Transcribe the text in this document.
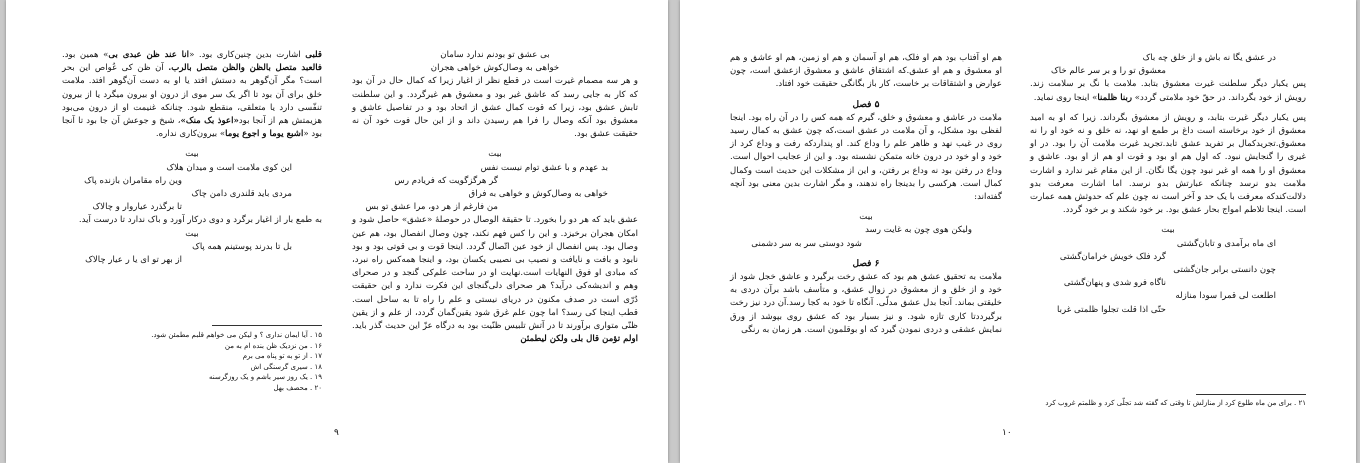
بی عشق تو بودنم ندارد سامان

خواهی به وصال‌کوش خواهی هجران

و هر سه مصمام غیرت است در قطع نظر از اغیار زیرا که کمال حال در آن بود که کار به جایی رسد که عاشق غیر بود و معشوق هم غیرگردد. و این سلطنت تابش عشق بود، زیرا که قوت کمال عشق از اتحاد بود و در تفاصیل عاشق و معشوق بود آنکه وصال را فرا هم رسیدن داند و از این حال فوت خود آن نه حقیقت عشق بود.

بیت

بد عهدم و با عشق تو‌ام نیست نفس

گر هرگزگویت که فریادم رس

خواهی به وصال‌کوش و خواهی به فراق

من فارغم از هر دو، مرا عشق تو بس

عشق باید که هر دو را بخورد. تا حقیقة الوصال در حوصلهٔ «عشق» حاصل شود و امکان هجران برخیزد. و این را کس فهم نکند، چون وصال انفصال بود، هم عین وصال بود. پس انفصال از خود عین اتّصال گردد. اینجا قوت و بی قوتی بود و بود نابود و بافت و نایافت و نصیب بی نصیبی یکسان بود، و اینجا همه‌کس راه نبرد، که مبادی او فوق النهایات است.نهایت او در ساحت علم‌کی گنجد و در صحرای وهم و اندیشه‌کی درآید؟ هر صحرای دلی‌گنجای این فکرت ندارد و این حقیقت دُرّی است در صدف مکنون در دریای نیستی و علم را راه تا به ساحل است. قطب اینجا کی رسد؟ اما چون علم غرق شود یقین‌گمان گردد، از علم و از یقین ظنّی متواری برآورند تا در آتش تلبیس ظنّیت بود به درگاه عزّ این حدیث گذر باید. اولم تؤمن قال بلی ولکن لیطمئن

قلبی اشارت بدین چنین‌کاری بود. «انا عند ظن عبدی بی» همین بود. فالعبد متصل بالظن والظن متصل بالرب. آن ظن کی عُواص این بحر است؟ مگر آن‌گوهر به دستش افتد یا او به دست آن‌گوهر افتد. ملامت خلق برای آن بود تا اگر یک سر موی از درون او بیرون میگرد یا از بیرون تنفّسی دارد یا متعلقی، منقطع شود. چنانکه غنیمت او از درون می‌بود هزیمتش هم از آنجا بود«اعوذ بک منک»، شیخ و جوعش آن جا بود تا آنجا بود «اشبع یوما و اجوع یوما» بیرون‌کاری نداره.

بیت

این کوی ملامت است و میدان هلاک

وین راه مقامران بازنده پاک

مردی باید قلندری دامن چاک

تا برگذرد عیاروار و چالاک

به طمع بار از اغیار برگرد و دوی درکار آورد و باک ندارد تا درست آید.

بیت

بل تا بدرند پوستینم همه پاک

از بهر تو ای یا ر عیار چالاک

۱۵ . آیا ایمان نداری ؟ و لیکن می خواهم قلبم مطمئن شود.

۱۶ . من نزدیک ظن بنده ام به من

۱۷ . از تو به تو پناه می برم

۱۸ . سیری گرسنگی اش

۱۹ . یک روز سیر باشم و یک روزگرسنه

۲۰ . محصف بهل

۹

در عشق یگا نه باش و از خلق چه باک

معشوق تو را و بر سر عالم خاک

پس یکبار دیگر سلطنت غیرت معشوق بتابد. ملامت با نگ بر سلامت زند. رویش از خود بگرداند. در حقّ خود ملامتی گردد» ربنا ظلمنا» اینجا روی نماید.

پس یکبار دیگر غیرت بتابد، و رویش از معشوق بگرداند. زیرا که او به امید معشوق از خود برخاسته است داغ بر طمع او نهد، نه خلق و نه خود او را نه معشوق.تجرید‌کمال بر تفرید عشق تابد.تجرید غیرت ملامت آن را بود. در او غیری را گنجایش نبود. که اول هم او بود و قوت او هم از او بود. عاشق و معشوق او را همه او غیر نبود چون یگا نگان. از این مقام غیر ندارد و اشارت ملامت بدو نرسد چنانکه عبارتش بدو نرسد. اما اشارت معرفت بدو دلالت‌کندکه معرفت با یک حد و آخر است نه چون علم که حدوثش همه عمارت است. اینجا تلاطم امواج بحار عشق بود. بر خود شکند و بر خود گردد.

بیت

ای ماه برآمدی و تابان‌گشتی

گرد فلک خویش خرامان‌گشتی

چون دانستی برابر جان‌گشتی

ناگاه فرو شدی و پنهان‌گشتی

اطلعت لی قمرا سودا منازله

حتّی اذا قلت تجلوا ظلمتی غربا

۲۱ . برای من ماه طلوع کرد از منازلش تا وقتی که گفته شد تجلّی کرد و ظلمتم غروب کرد

هم او آفتاب بود هم او فلک، هم او آسمان و هم او زمین، هم او عاشق و هم او معشوق و هم او عشق.که اشتقاق عاشق و معشوق ازعشق است، چون عوارض و اشتقاقات بر خاست، کار باز بگانگی حقیقت خود افتاد.

۵ فصل

ملامت در عاشق و معشوق و خلق، گیرم که همه کس را در آن راه بود. اینجا لفظی بود مشکل، و آن ملامت در عشق است،که چون عشق به کمال رسید روی در غیب نهد و ظاهر علم را وداع کند. او پنداردکه رفت و وداع کرد از خود و او خود در درون خانه متمکن نشسته بود. و این از عجایب احوال است. وداع در رفتن بود نه وداع بر رفتن، و این از مشکلات این حدیث است وکمال کمال است. هرکسی را بدینجا راه ندهند، و مگر اشارت بدین معنی بود آنچه گفته‌اند:

بیت

ولیکن هوی چون به غایت رسد

شود دوستی سر به سر دشمنی

۶ فصل

ملامت به تحقیق عشق هم بود که عشق رخت برگیرد و عاشق خجل شود از خود و از خلق و از معشوق در زوال عشق، و متأسف باشد برآن دردی به خلیقتی بماند. آنجا بدل عشق مدلّی. آنگاه تا خود به کجا رسد.آن درد نیز رخت برگیرددتا کاری تازه شود. و نیز بسیار بود که عشق روی بپوشد از ورق نمایش عشقی و دردی نمودن گیرد که او بوقلمون است. هر زمان به رنگی

۱۰
